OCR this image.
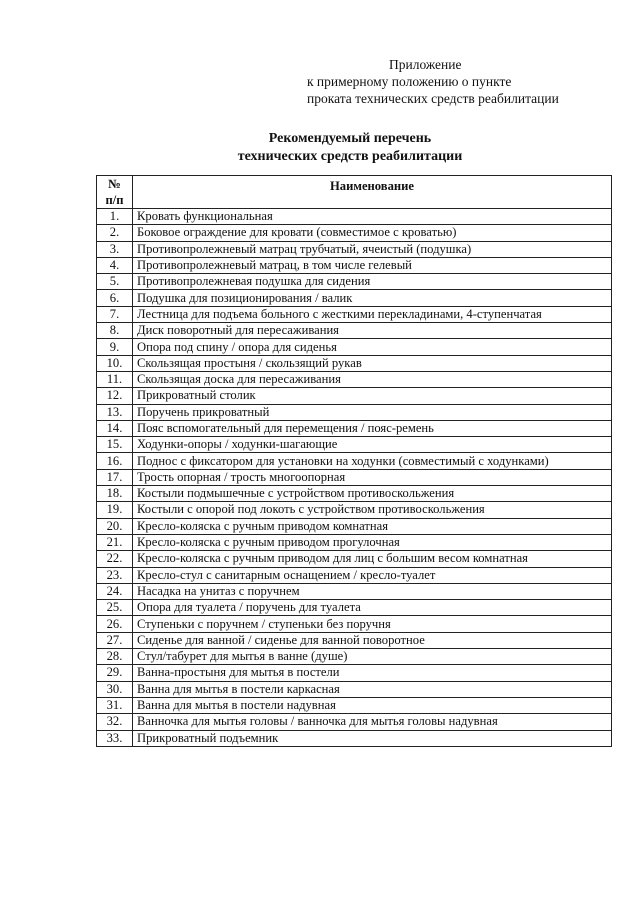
Приложение
к примерному положению о пункте
проката технических средств реабилитации
Рекомендуемый перечень
технических средств реабилитации
№
п/п	Наименование
1.	Кровать функциональная
2.	Боковое ограждение для кровати (совместимое с кроватью)
3.	Противопролежневый матрац трубчатый, ячеистый (подушка)
4.	Противопролежневый матрац, в том числе гелевый
5.	Противопролежневая подушка для сидения
6.	Подушка для позиционирования / валик
7.	Лестница для подъема больного с жесткими перекладинами, 4-ступенчатая
8.	Диск поворотный для пересаживания
9.	Опора под спину / опора для сиденья
10.	Скользящая простыня / скользящий рукав
11.	Скользящая доска для пересаживания
12.	Прикроватный столик
13.	Поручень прикроватный
14.	Пояс вспомогательный для перемещения / пояс-ремень
15.	Ходунки-опоры / ходунки-шагающие
16.	Поднос с фиксатором для установки на ходунки (совместимый с ходунками)
17.	Трость опорная / трость многоопорная
18.	Костыли подмышечные с устройством противоскольжения
19.	Костыли с опорой под локоть с устройством противоскольжения
20.	Кресло-коляска с ручным приводом комнатная
21.	Кресло-коляска с ручным приводом прогулочная
22.	Кресло-коляска с ручным приводом для лиц с большим весом комнатная
23.	Кресло-стул с санитарным оснащением / кресло-туалет
24.	Насадка на унитаз с поручнем
25.	Опора для туалета / поручень для туалета
26.	Ступеньки с поручнем / ступеньки без поручня
27.	Сиденье для ванной / сиденье для ванной поворотное
28.	Стул/табурет для мытья в ванне (душе)
29.	Ванна-простыня для мытья в постели
30.	Ванна для мытья в постели каркасная
31.	Ванна для мытья в постели надувная
32.	Ванночка для мытья головы / ванночка для мытья головы надувная
33.	Прикроватный подъемник
